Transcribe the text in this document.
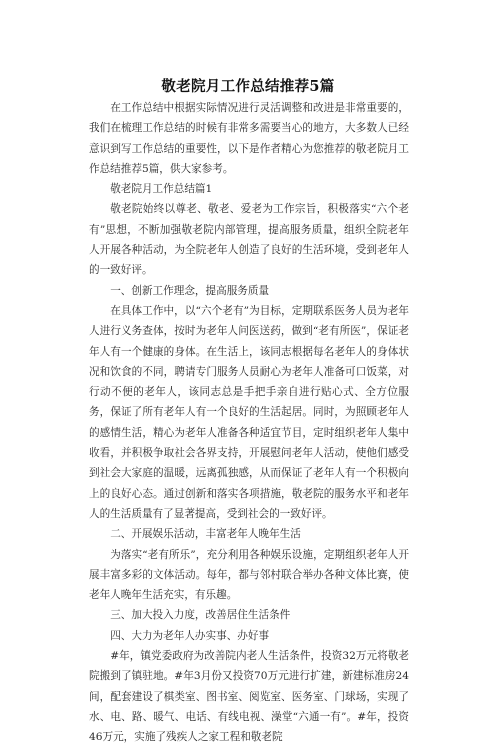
敬老院月工作总结推荐5篇

在工作总结中根据实际情况进行灵活调整和改进是非常重要的，我们在梳理工作总结的时候有非常多需要当心的地方，大多数人已经意识到写工作总结的重要性，以下是作者精心为您推荐的敬老院月工作总结推荐5篇，供大家参考。

敬老院月工作总结篇1

敬老院始终以尊老、敬老、爱老为工作宗旨，积极落实“六个老有”思想，不断加强敬老院内部管理，提高服务质量，组织全院老年人开展各种活动，为全院老年人创造了良好的生活环境，受到老年人的一致好评。

一、创新工作理念，提高服务质量

在具体工作中，以“六个老有”为目标，定期联系医务人员为老年人进行义务查体，按时为老年人问医送药，做到“老有所医”，保证老年人有一个健康的身体。在生活上，该同志根据每名老年人的身体状况和饮食的不同，聘请专门服务人员耐心为老年人准备可口饭菜，对行动不便的老年人，该同志总是手把手亲自进行贴心式、全方位服务，保证了所有老年人有一个良好的生活起居。同时，为照顾老年人的感情生活，精心为老年人准备各种适宜节目，定时组织老年人集中收看，并积极争取社会各界支持，开展慰问老年人活动，使他们感受到社会大家庭的温暖，远离孤独感，从而保证了老年人有一个积极向上的良好心态。通过创新和落实各项措施，敬老院的服务水平和老年人的生活质量有了显著提高，受到社会的一致好评。

二、开展娱乐活动，丰富老年人晚年生活

为落实“老有所乐”，充分利用各种娱乐设施，定期组织老年人开展丰富多彩的文体活动。每年，都与邻村联合举办各种文体比赛，使老年人晚年生活充实，有乐趣。

三、加大投入力度，改善居住生活条件

四、大力为老年人办实事、办好事

#年，镇党委政府为改善院内老人生活条件，投资32万元将敬老院搬到了镇驻地。#年3月份又投资70万元进行扩建，新建标准房24间，配套建设了棋类室、图书室、阅览室、医务室、门球场，实现了水、电、路、暖气、电话、有线电视、澡堂“六通一有”。#年，投资46万元，实施了残疾人之家工程和敬老院
